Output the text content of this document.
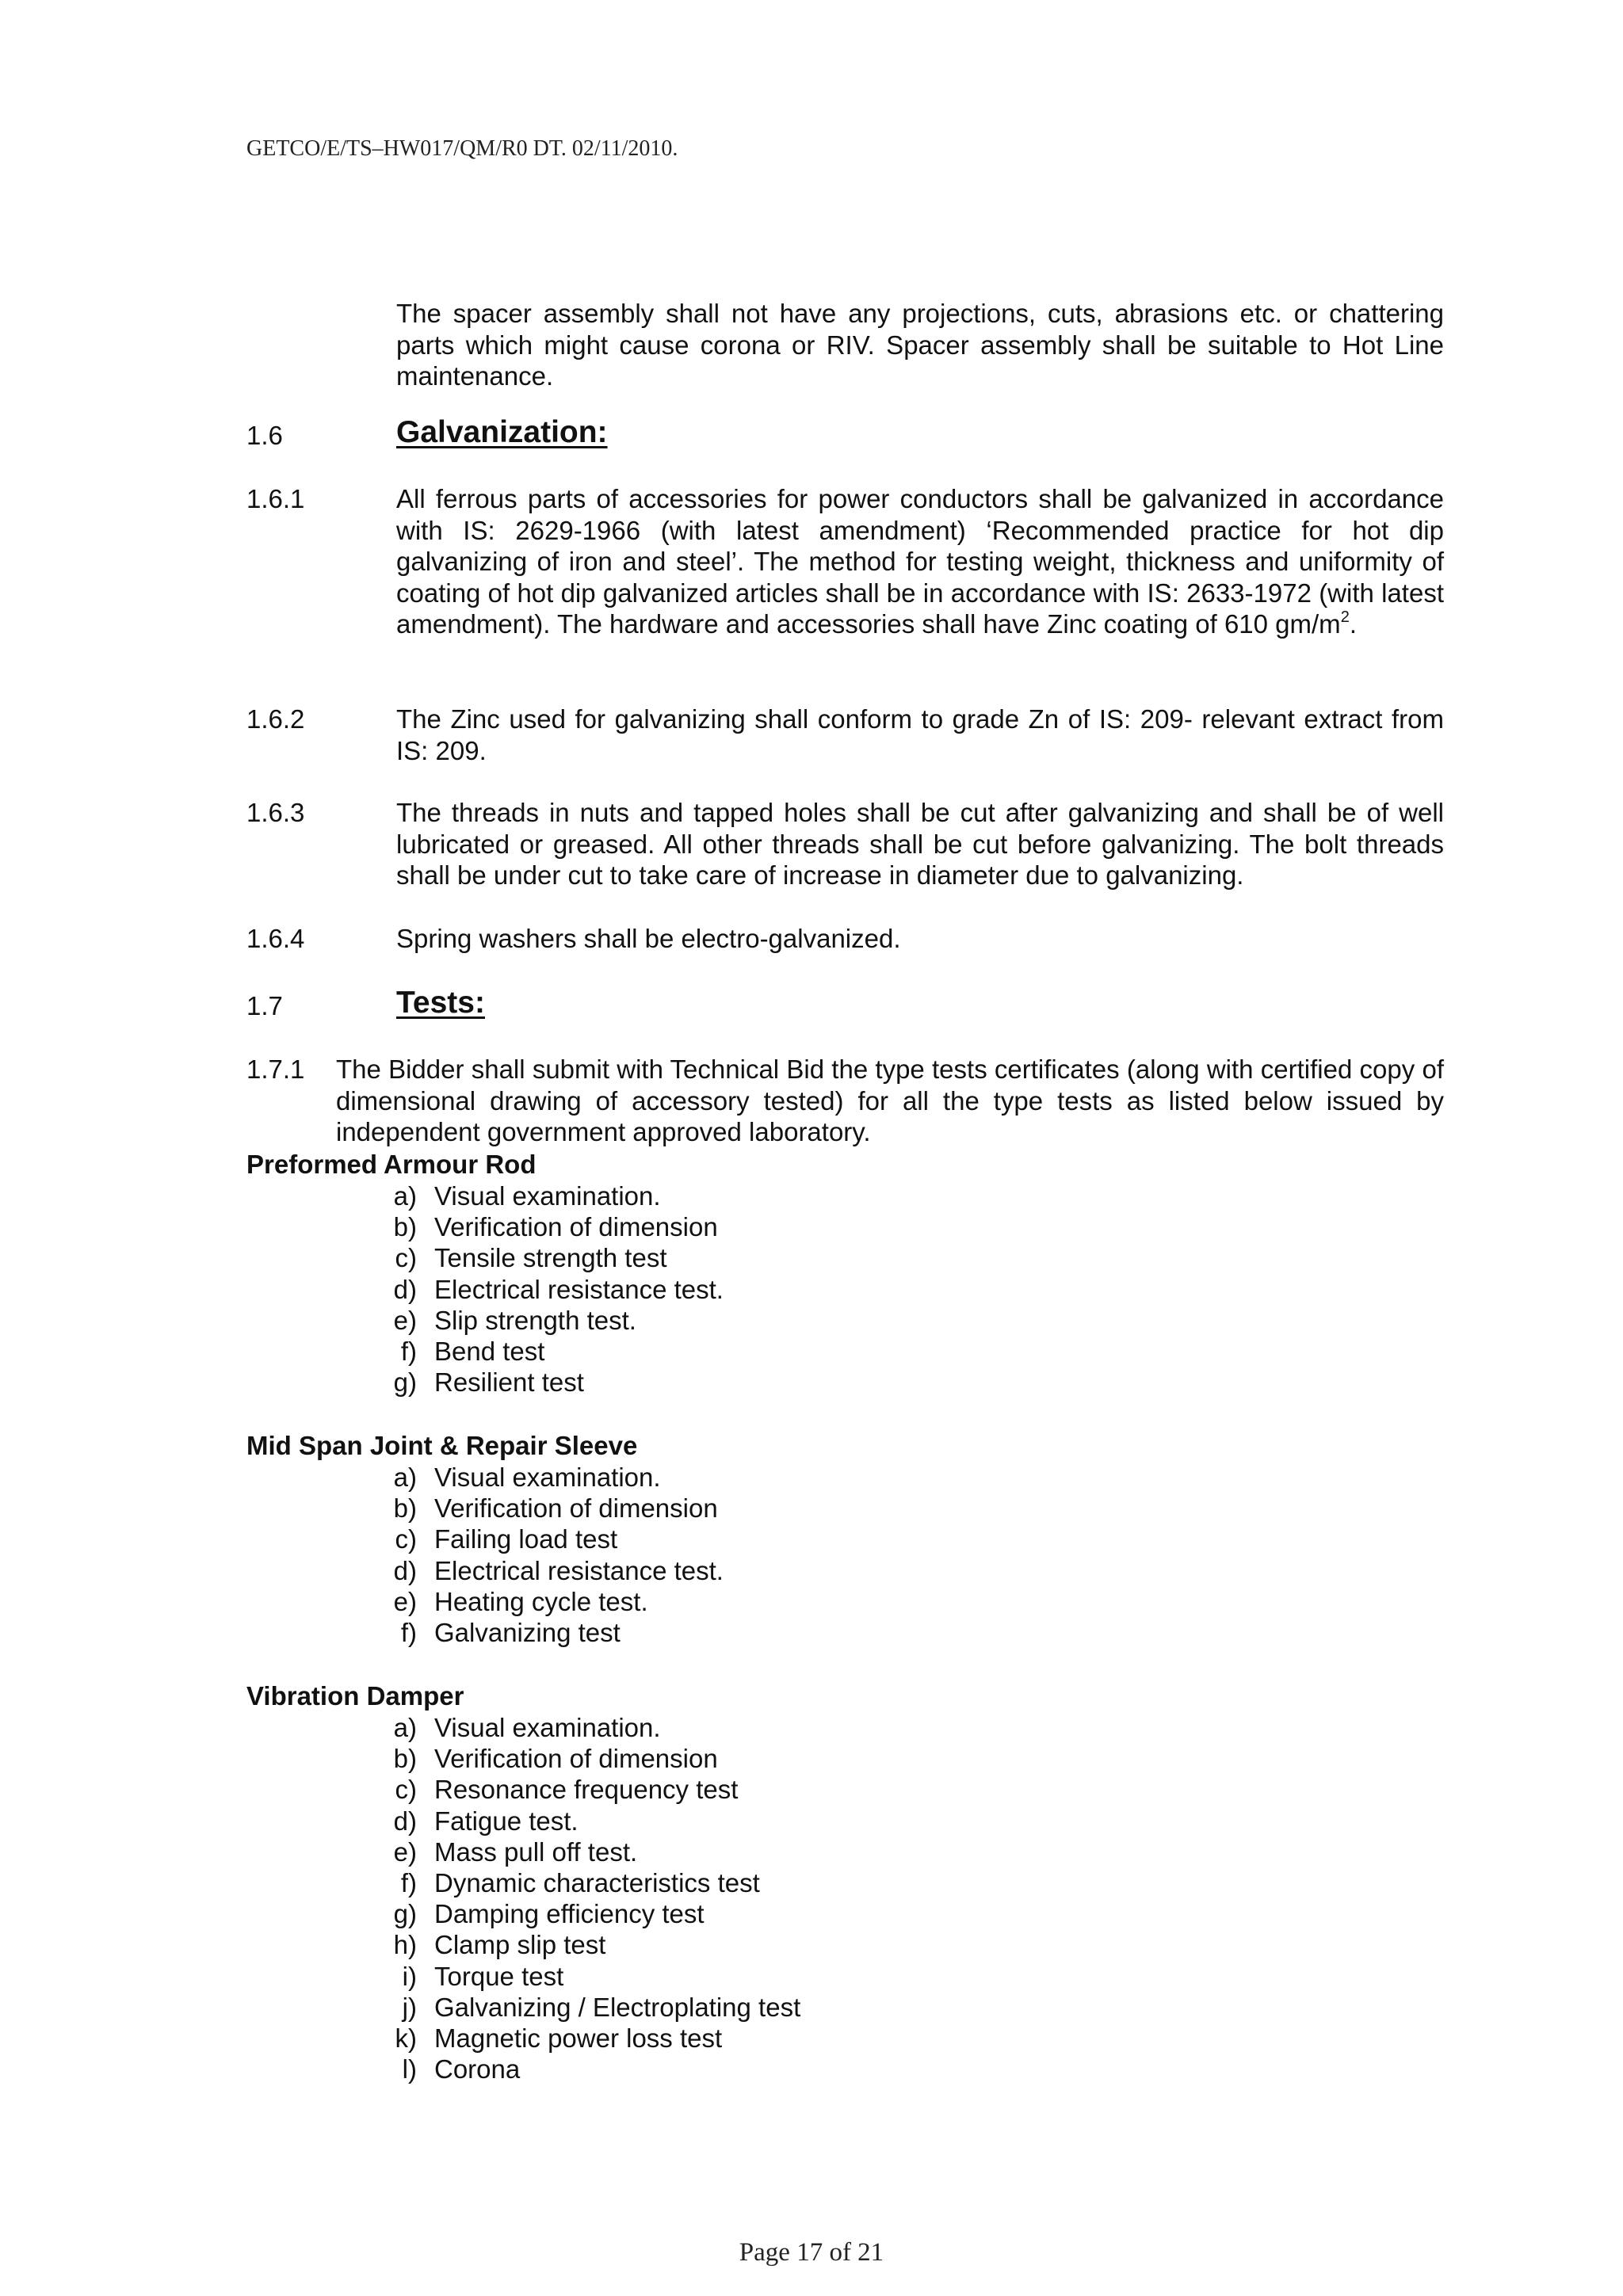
GETCO/E/TS–HW017/QM/R0 DT. 02/11/2010.
The spacer assembly shall not have any projections, cuts, abrasions etc. or chattering parts which might cause corona or RIV. Spacer assembly shall be suitable to Hot Line maintenance.
1.6	Galvanization:
1.6.1	All ferrous parts of accessories for power conductors shall be galvanized in accordance with IS: 2629-1966 (with latest amendment) ‘Recommended practice for hot dip galvanizing of iron and steel’. The method for testing weight, thickness and uniformity of coating of hot dip galvanized articles shall be in accordance with IS: 2633-1972 (with latest amendment). The hardware and accessories shall have Zinc coating of 610 $gm/m^2$.
1.6.2	The Zinc used for galvanizing shall conform to grade Zn of IS: 209- relevant extract from IS: 209.
1.6.3	The threads in nuts and tapped holes shall be cut after galvanizing and shall be of well lubricated or greased. All other threads shall be cut before galvanizing. The bolt threads shall be under cut to take care of increase in diameter due to galvanizing.
1.6.4	Spring washers shall be electro-galvanized.
1.7	Tests:
1.7.1 The Bidder shall submit with Technical Bid the type tests certificates (along with certified copy of dimensional drawing of accessory tested) for all the type tests as listed below issued by independent government approved laboratory.
Preformed Armour Rod
a) Visual examination.
b) Verification of dimension
c) Tensile strength test
d) Electrical resistance test.
e) Slip strength test.
f) Bend test
g) Resilient test
Mid Span Joint & Repair Sleeve
a) Visual examination.
b) Verification of dimension
c) Failing load test
d) Electrical resistance test.
e) Heating cycle test.
f) Galvanizing test
Vibration Damper
a) Visual examination.
b) Verification of dimension
c) Resonance frequency test
d) Fatigue test.
e) Mass pull off test.
f) Dynamic characteristics test
g) Damping efficiency test
h) Clamp slip test
i) Torque test
j) Galvanizing / Electroplating test
k) Magnetic power loss test
l) Corona
Page 17 of 21
